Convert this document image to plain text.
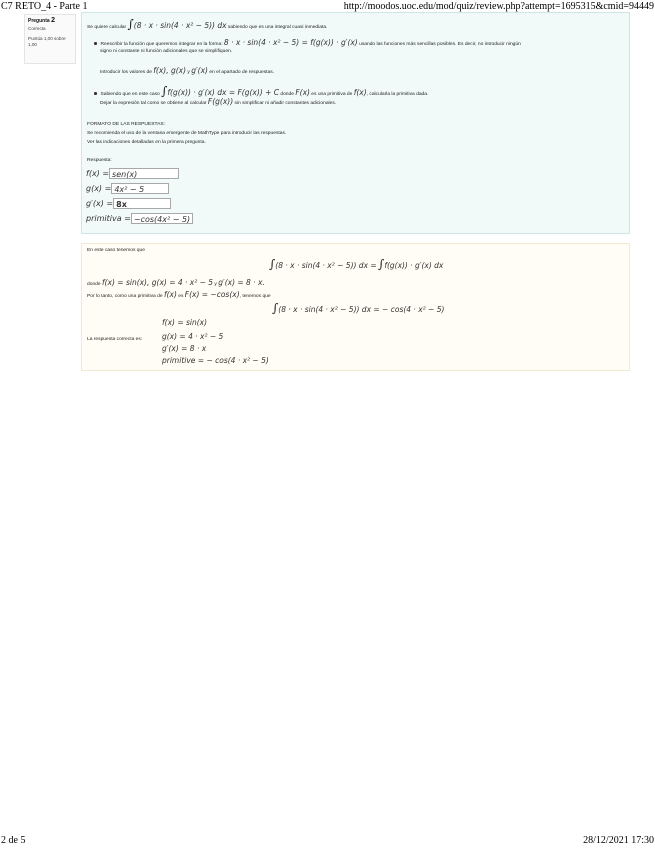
C7 RETO_4 - Parte 1	http://moodos.uoc.edu/mod/quiz/review.php?attempt=1695315&cmid=94449
Pregunta 2
Correcta
Puntúa 1,00 sobre
1,00
Se quiere calcular ∫(8 · x · sin(4 · x² − 5)) dx sabiendo que es una integral cuasi inmediata.
Reescribir la función que queremos integrar en la forma: 8 · x · sin(4 · x² − 5) = f(g(x)) · g′(x) usando las funciones más sencillas posibles. Es decir, no introducir ningún
signo ni constante ni función adicionales que se simplifiquen.
Introducir los valores de f(x), g(x) y g′(x) en el apartado de respuestas.
Sabiendo que en este caso ∫f(g(x)) · g′(x) dx = F(g(x)) + C donde F(x) es una primitiva de f(x), calcularla la primitiva dada.
Dejar la expresión tal como se obtiene al calcular F(g(x)) sin simplificar ni añadir constantes adicionales.
FORMATO DE LAS RESPUESTAS:
Se recomienda el uso de la ventana emergente de MathType para introducir las respuestas.
Ver las indicaciones detalladas en la primera pregunta.
Respuesta:
f(x) = sen(x)
g(x) = 4x² − 5
g′(x) = 8x
primitiva = −cos(4x² − 5)
En este caso tenemos que
∫(8 · x · sin(4 · x² − 5)) dx = ∫f(g(x)) · g′(x) dx
donde f(x) = sin(x), g(x) = 4 · x² − 5 y g′(x) = 8 · x.
Por lo tanto, como una primitiva de f(x) es F(x) = −cos(x), tenemos que
∫(8 · x · sin(4 · x² − 5)) dx = − cos(4 · x² − 5)
La respuesta correcta es:
f(x) = sin(x)
g(x) = 4 · x² − 5
g′(x) = 8 · x
primitive = − cos(4 · x² − 5)
2 de 5	28/12/2021 17:30
